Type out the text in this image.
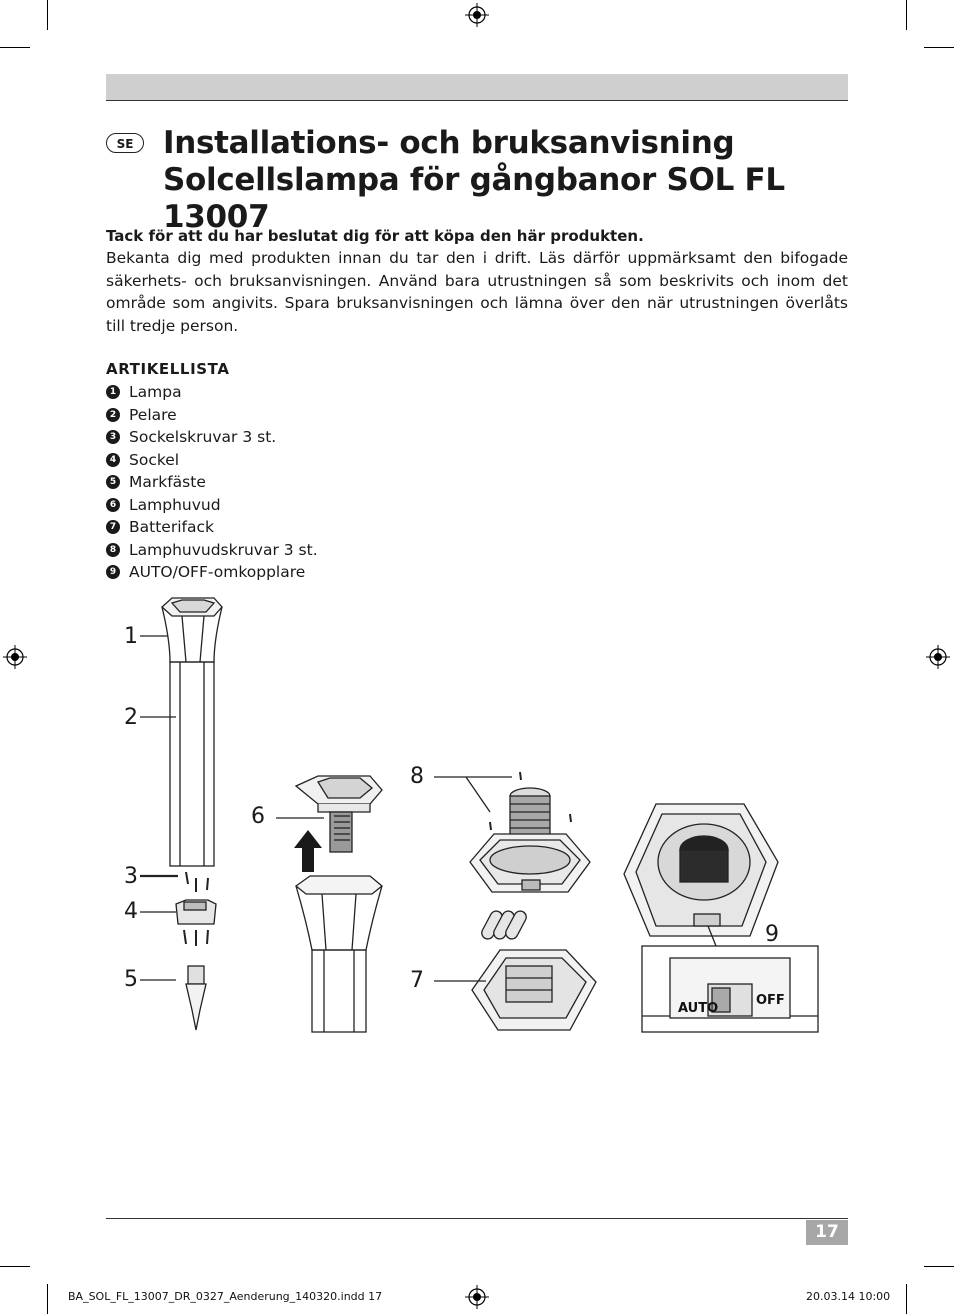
SE Installations- och bruksanvisning
Solcellslampa för gångbanor SOL FL 13007

Tack för att du har beslutat dig för att köpa den här produkten.

Bekanta dig med produkten innan du tar den i drift. Läs därför uppmärksamt den bifogade säkerhets- och bruksanvisningen. Använd bara utrustningen så som beskrivits och inom det område som angivits. Spara bruksanvisningen och lämna över den när utrustningen överlåts till tredje person.

ARTIKELLISTA

1 Lampa
2 Pelare
3 Sockelskruvar 3 st.
4 Sockel
5 Markfäste
6 Lamphuvud
7 Batterifack
8 Lamphuvudskruvar 3 st.
9 AUTO/OFF-omkopplare
AUTO
OFF
1
2
3
4
5
6
7
8
9
17
BA_SOL_FL_13007_DR_0327_Aenderung_140320.indd 17	20.03.14 10:00
